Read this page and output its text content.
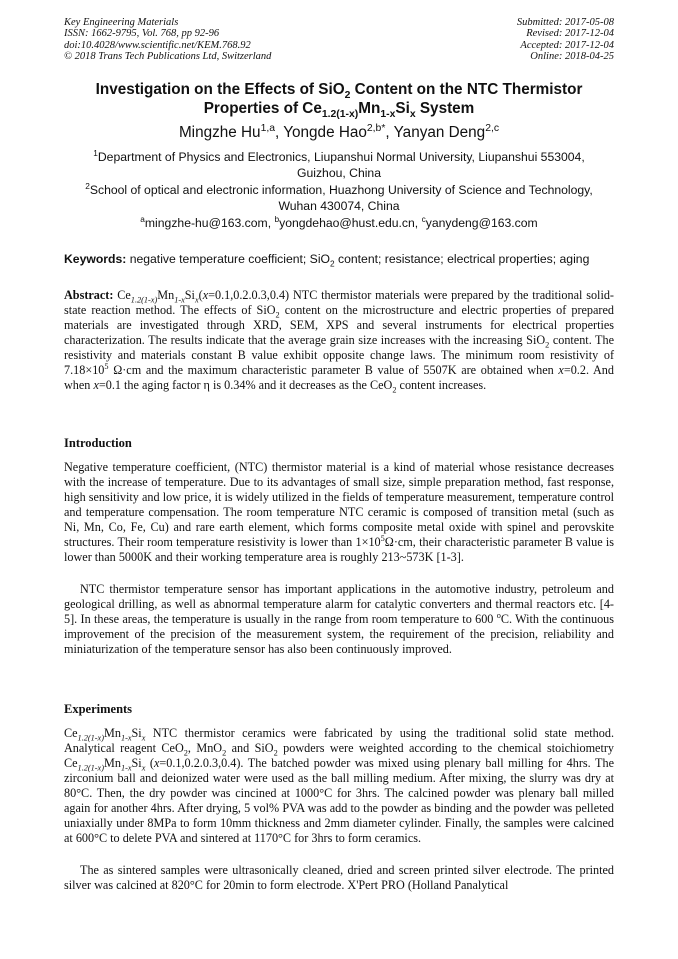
Key Engineering Materials
ISSN: 1662-9795, Vol. 768, pp 92-96
doi:10.4028/www.scientific.net/KEM.768.92
© 2018 Trans Tech Publications Ltd, Switzerland
Submitted: 2017-05-08
Revised: 2017-12-04
Accepted: 2017-12-04
Online: 2018-04-25
Investigation on the Effects of SiO$_2$ Content on the NTC Thermistor
Properties of $Ce_{1.2(1-x)}Mn_{1-x}Si_x$ System
Mingzhe Hu$^{1,a}$, Yongde Hao$^{2,b*}$, Yanyan Deng$^{2,c}$
$^1$Department of Physics and Electronics, Liupanshui Normal University, Liupanshui 553004,
Guizhou, China
$^2$School of optical and electronic information, Huazhong University of Science and Technology,
Wuhan 430074, China
$^a$mingzhe-hu@163.com, $^b$yongdehao@hust.edu.cn, $^c$yanydeng@163.com
Keywords: negative temperature coefficient; SiO$_2$ content; resistance; electrical properties; aging
Abstract: $Ce_{1.2(1-x)}Mn_{1-x}Si_x(x=0.1,0.2.0.3,0.4)$ NTC thermistor materials were prepared by the traditional solid-state reaction method. The effects of SiO$_2$ content on the microstructure and electric properties of prepared materials are investigated through XRD, SEM, XPS and several instruments for electrical properties characterization. The results indicate that the average grain size increases with the increasing SiO$_2$ content. The resistivity and materials constant B value exhibit opposite change laws. The minimum room resistivity of $7.18\times 10^5$ Ω·cm and the maximum characteristic parameter B value of 5507K are obtained when x=0.2. And when x=0.1 the aging factor η is 0.34% and it decreases as the CeO$_2$ content increases.
Introduction
Negative temperature coefficient, (NTC) thermistor material is a kind of material whose resistance decreases with the increase of temperature. Due to its advantages of small size, simple preparation method, fast response, high sensitivity and low price, it is widely utilized in the fields of temperature measurement, temperature control and temperature compensation. The room temperature NTC ceramic is composed of transition metal (such as Ni, Mn, Co, Fe, Cu) and rare earth element, which forms composite metal oxide with spinel and perovskite structures. Their room temperature resistivity is lower than $1\times 10^5\Omega\cdot cm$, their characteristic parameter B value is lower than 5000K and their working temperature area is roughly 213~573K [1-3].
NTC thermistor temperature sensor has important applications in the automotive industry, petroleum and geological drilling, as well as abnormal temperature alarm for catalytic converters and thermal reactors etc. [4-5]. In these areas, the temperature is usually in the range from room temperature to 600 $^o$C. With the continuous improvement of the precision of the measurement system, the requirement of the precision, reliability and miniaturization of the temperature sensor has also been continuously improved.
Experiments
$Ce_{1.2(1-x)}Mn_{1-x}Si_x$ NTC thermistor ceramics were fabricated by using the traditional solid state method. Analytical reagent CeO$_2$, MnO$_2$ and SiO$_2$ powders were weighted according to the chemical stoichiometry $Ce_{1.2(1-x)}Mn_{1-x}Si_x$ (x=0.1,0.2.0.3,0.4). The batched powder was mixed using plenary ball milling for 4hrs. The zirconium ball and deionized water were used as the ball milling medium. After mixing, the slurry was dry at 80°C. Then, the dry powder was cincined at 1000°C for 3hrs. The calcined powder was plenary ball milled again for another 4hrs. After drying, 5 vol% PVA was add to the powder as binding and the powder was pelleted uniaxially under 8MPa to form 10mm thickness and 2mm diameter cylinder. Finally, the samples were calcined at 600°C to delete PVA and sintered at 1170°C for 3hrs to form ceramics.
The as sintered samples were ultrasonically cleaned, dried and screen printed silver electrode. The printed silver was calcined at 820°C for 20min to form electrode. X'Pert PRO (Holland Panalytical
